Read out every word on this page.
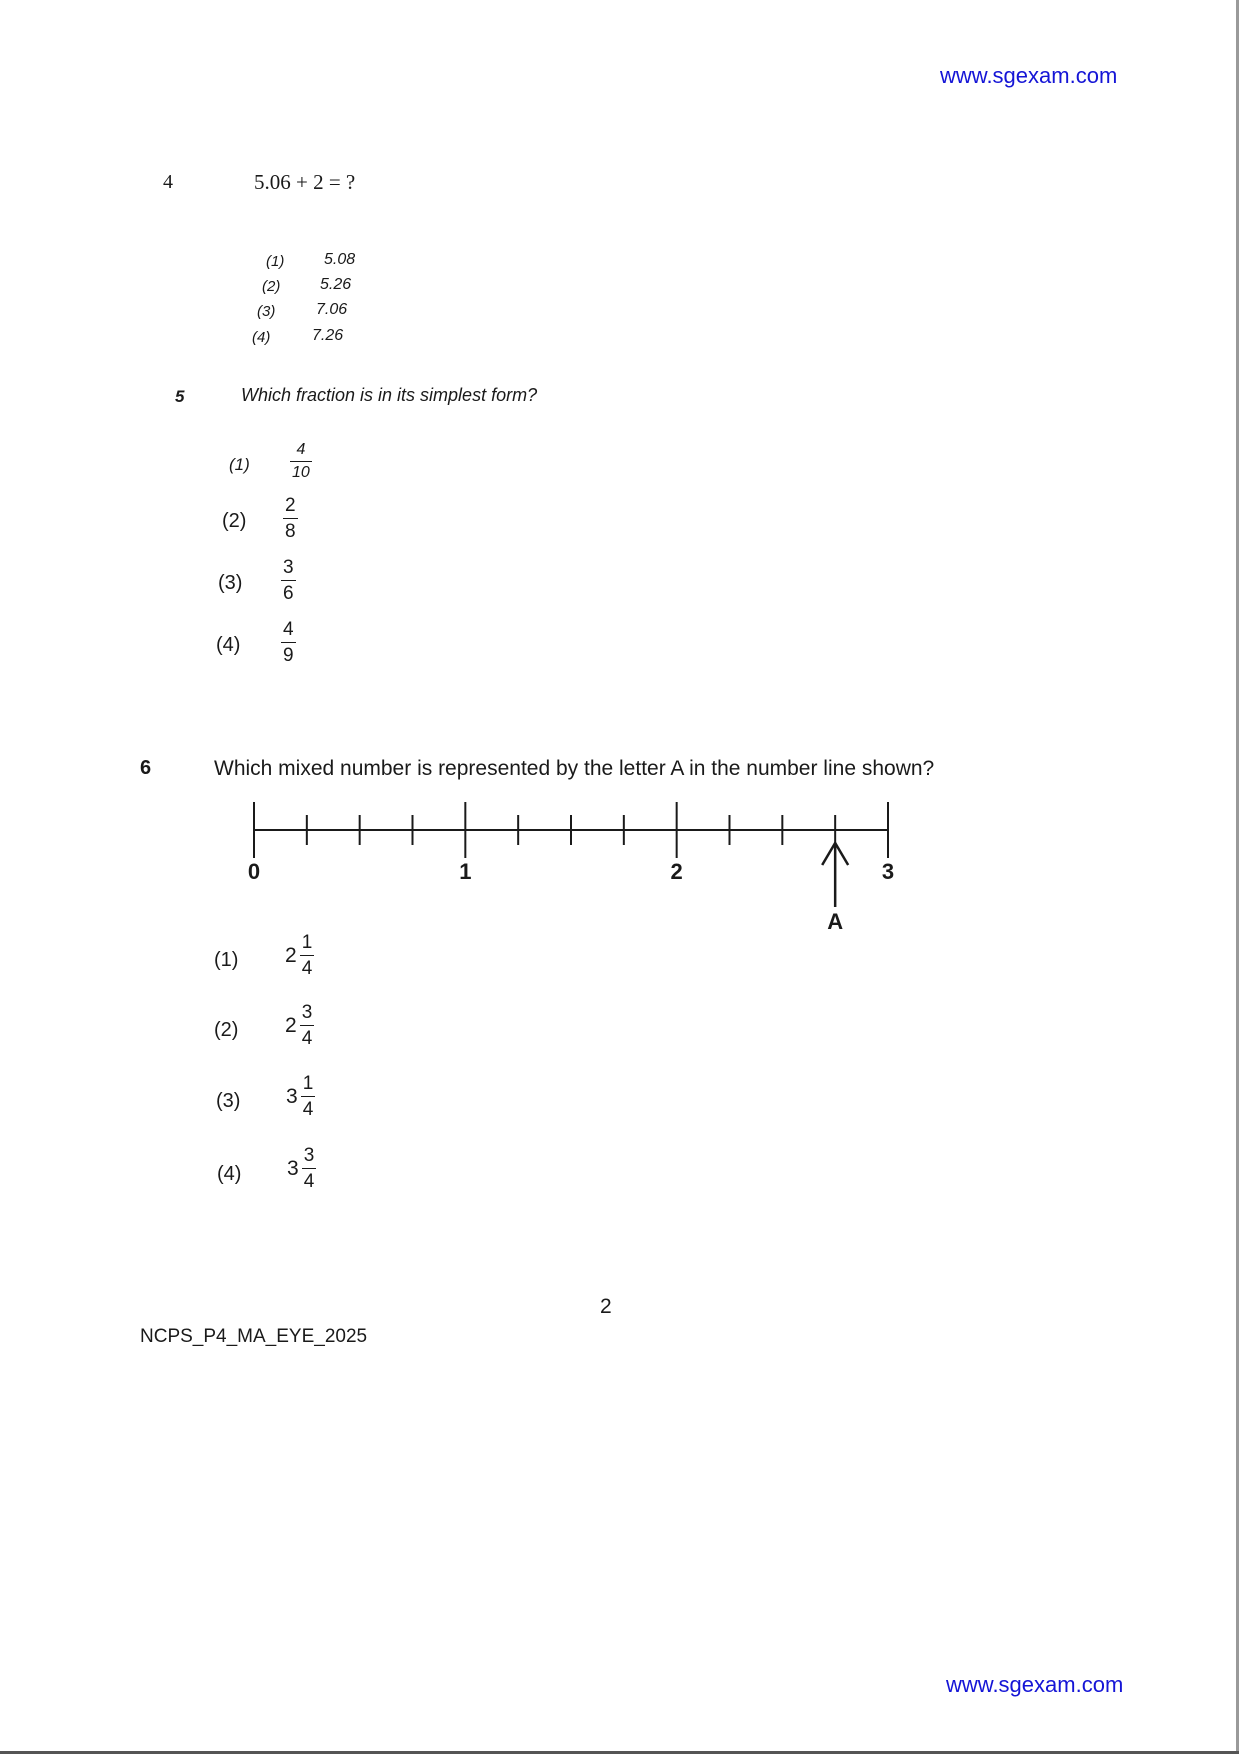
www.sgexam.com
4	5.06 + 2 = ?
(1) 5.08
(2) 5.26
(3)	7.06
(4)	7.26
5	Which fraction is in its simplest form?
(1)	$\frac{4}{10}$
$(2) \frac{2}{8}$
$(3) \frac{3}{6}$
$(4) \frac{4}{9}$
6	Which mixed number is represented by the letter A in the number line shown?
0	1	2	3
A
(1) $2 \frac{1}{4}$
(2) $2 \frac{3}{4}$
(3) $3 \frac{1}{4}$
(4) $3 \frac{3}{4}$
2
NCPS_P4_MA_EYE_2025
www.sgexam.com
